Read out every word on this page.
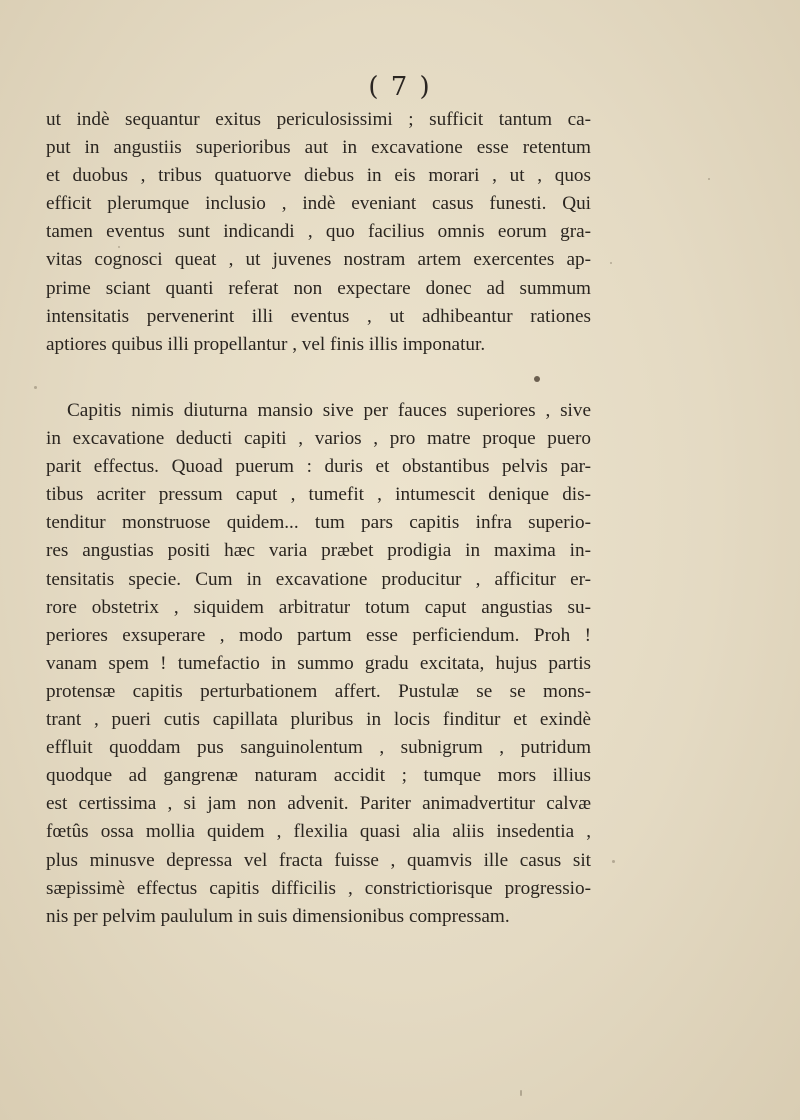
( 7 )
ut indè sequantur exitus periculosissimi ; sufficit tantum ca-
put in angustiis superioribus aut in excavatione esse retentum
et duobus , tribus quatuorve diebus in eis morari , ut , quos
efficit plerumque inclusio , indè eveniant casus funesti. Qui
tamen eventus sunt indicandi , quo facilius omnis eorum gra-
vitas cognosci queat , ut juvenes nostram artem exercentes ap-
prime sciant quanti referat non expectare donec ad summum
intensitatis pervenerint illi eventus , ut adhibeantur rationes
aptiores quibus illi propellantur , vel finis illis imponatur.
Capitis nimis diuturna mansio sive per fauces superiores , sive
in excavatione deducti capiti , varios , pro matre proque puero
parit effectus. Quoad puerum : duris et obstantibus pelvis par-
tibus acriter pressum caput , tumefit , intumescit denique dis-
tenditur monstruose quidem... tum pars capitis infra superio-
res angustias positi hæc varia præbet prodigia in maxima in-
tensitatis specie. Cum in excavatione producitur , afficitur er-
rore obstetrix , siquidem arbitratur totum caput angustias su-
periores exsuperare , modo partum esse perficiendum. Proh !
vanam spem ! tumefactio in summo gradu excitata, hujus partis
protensæ capitis perturbationem affert. Pustulæ se se mons-
trant , pueri cutis capillata pluribus in locis finditur et exindè
effluit quoddam pus sanguinolentum , subnigrum , putridum
quodque ad gangrenæ naturam accidit ; tumque mors illius
est certissima , si jam non advenit. Pariter animadvertitur calvæ
fœtûs ossa mollia quidem , flexilia quasi alia aliis insedentia ,
plus minusve depressa vel fracta fuisse , quamvis ille casus sit
sæpissimè effectus capitis difficilis , constrictiorisque progressio-
nis per pelvim paululum in suis dimensionibus compressam.
